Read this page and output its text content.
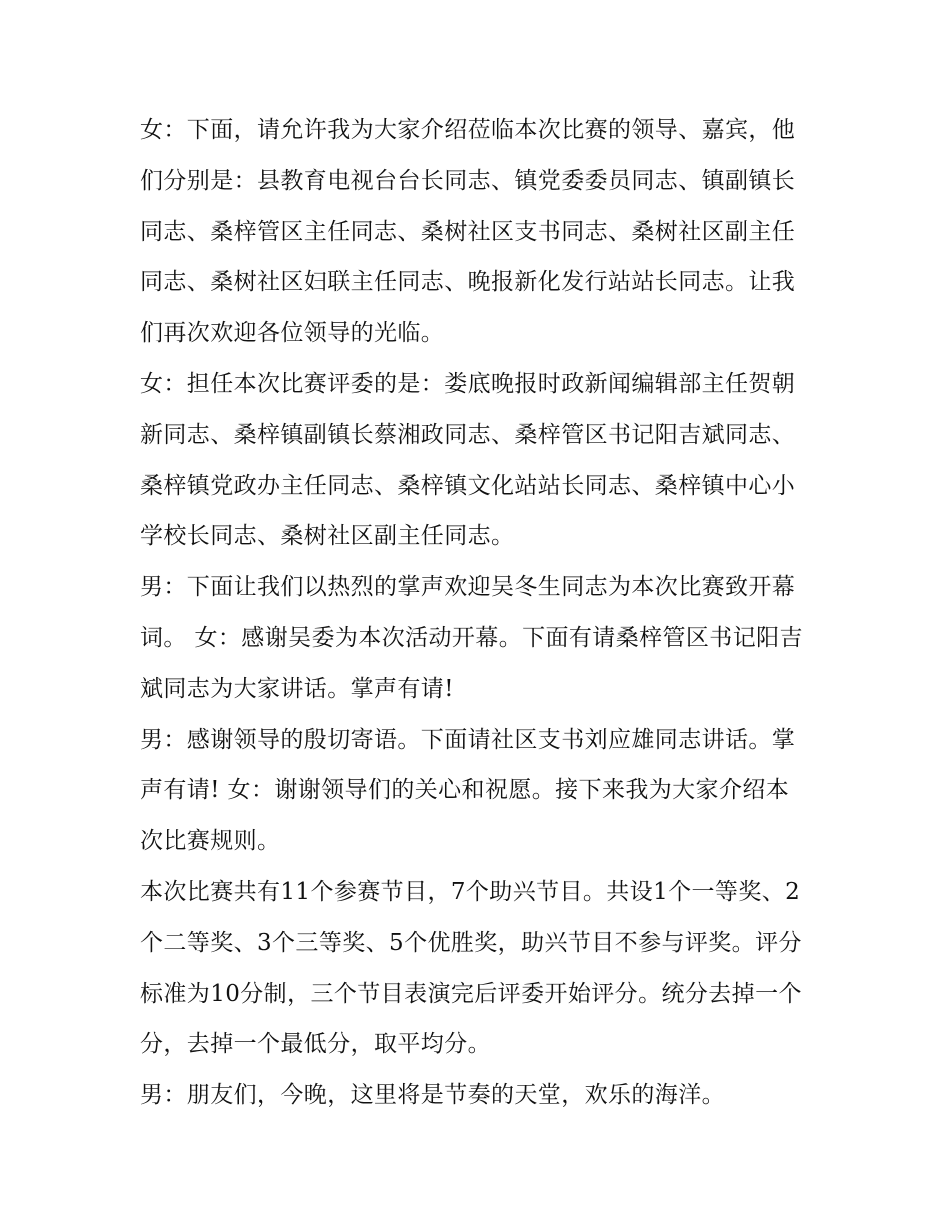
女：下面，请允许我为大家介绍莅临本次比赛的领导、嘉宾，他们分别是：县教育电视台台长同志、镇党委委员同志、镇副镇长同志、桑梓管区主任同志、桑树社区支书同志、桑树社区副主任同志、桑树社区妇联主任同志、晚报新化发行站站长同志。让我们再次欢迎各位领导的光临。

女：担任本次比赛评委的是：娄底晚报时政新闻编辑部主任贺朝新同志、桑梓镇副镇长蔡湘政同志、桑梓管区书记阳吉斌同志、桑梓镇党政办主任同志、桑梓镇文化站站长同志、桑梓镇中心小学校长同志、桑树社区副主任同志。

男：下面让我们以热烈的掌声欢迎吴冬生同志为本次比赛致开幕词。 女：感谢吴委为本次活动开幕。下面有请桑梓管区书记阳吉斌同志为大家讲话。掌声有请!

男：感谢领导的殷切寄语。下面请社区支书刘应雄同志讲话。掌声有请! 女：谢谢领导们的关心和祝愿。接下来我为大家介绍本次比赛规则。

本次比赛共有11个参赛节目，7个助兴节目。共设1个一等奖、2个二等奖、3个三等奖、5个优胜奖，助兴节目不参与评奖。评分标准为10分制，三个节目表演完后评委开始评分。统分去掉一个分，去掉一个最低分，取平均分。

男：朋友们，今晚，这里将是节奏的天堂，欢乐的海洋。
